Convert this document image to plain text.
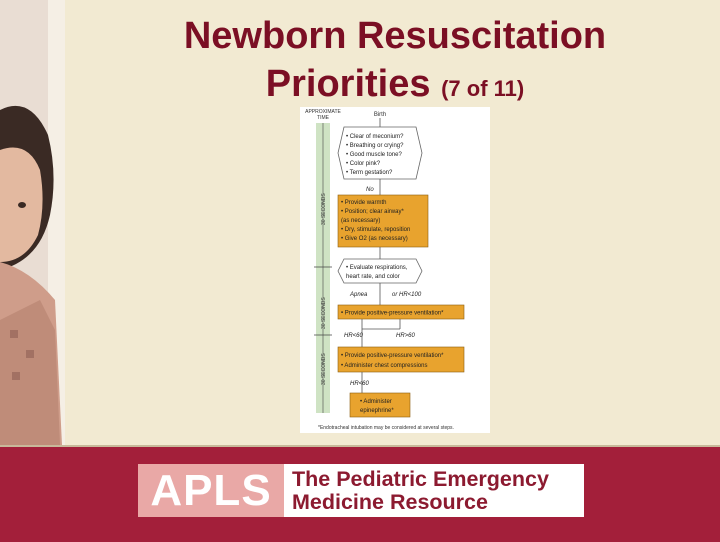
Newborn Resuscitation
Priorities (7 of 11)
30 SECONDS
30 SECONDS
30 SECONDS
APPROXIMATE
TIME	Birth
• Clear of meconium?
• Breathing or crying?
• Good muscle tone?
• Color pink?
• Term gestation?
No
• Provide warmth
• Position; clear airway*
(as necessary)
• Dry, stimulate, reposition
• Give O2 (as necessary)
• Evaluate respirations,
heart rate, and color
Apnea	or HR<100
• Provide positive-pressure ventilation*
HR<60	HR>60
• Provide positive-pressure ventilation*
• Administer chest compressions
HR<60
• Administer
epinephrine*
*Endotracheal intubation may be considered at several steps.
APLS The Pediatric Emergency
Medicine Resource
